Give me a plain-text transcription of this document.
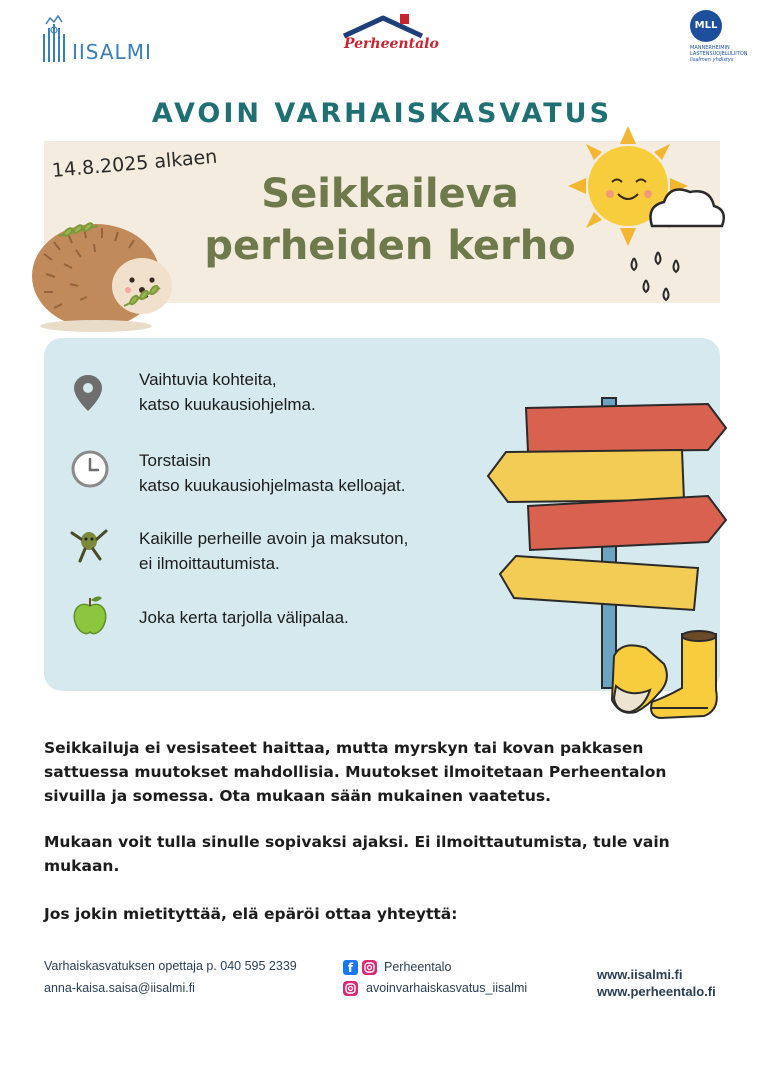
IISALMI	Perheentalo
MLL
MANNERHEIMIN
LASTENSUOJELULIITON
Iisalmen yhdistys
AVOIN VARHAISKASVATUS
14.8.2025 alkaen
Seikkaileva
perheiden kerho
Vaihtuvia kohteita,
katso kuukausiohjelma.
Torstaisin
katso kuukausiohjelmasta kelloajat.
Kaikille perheille avoin ja maksuton,
ei ilmoittautumista.
Joka kerta tarjolla välipalaa.

Seikkailuja ei vesisateet haittaa, mutta myrskyn tai kovan pakkasen sattuessa muutokset mahdollisia. Muutokset ilmoitetaan Perheentalon sivuilla ja somessa. Ota mukaan sään mukainen vaatetus.

Mukaan voit tulla sinulle sopivaksi ajaksi. Ei ilmoittautumista, tule vain mukaan.

Jos jokin mietityttää, elä epäröi ottaa yhteyttä:

Varhaiskasvatuksen opettaja p. 040 595 2339
anna-kaisa.saisa@iisalmi.fi
f	Perheentalo
avoinvarhaiskasvatus_iisalmi
www.iisalmi.fi
www.perheentalo.fi
